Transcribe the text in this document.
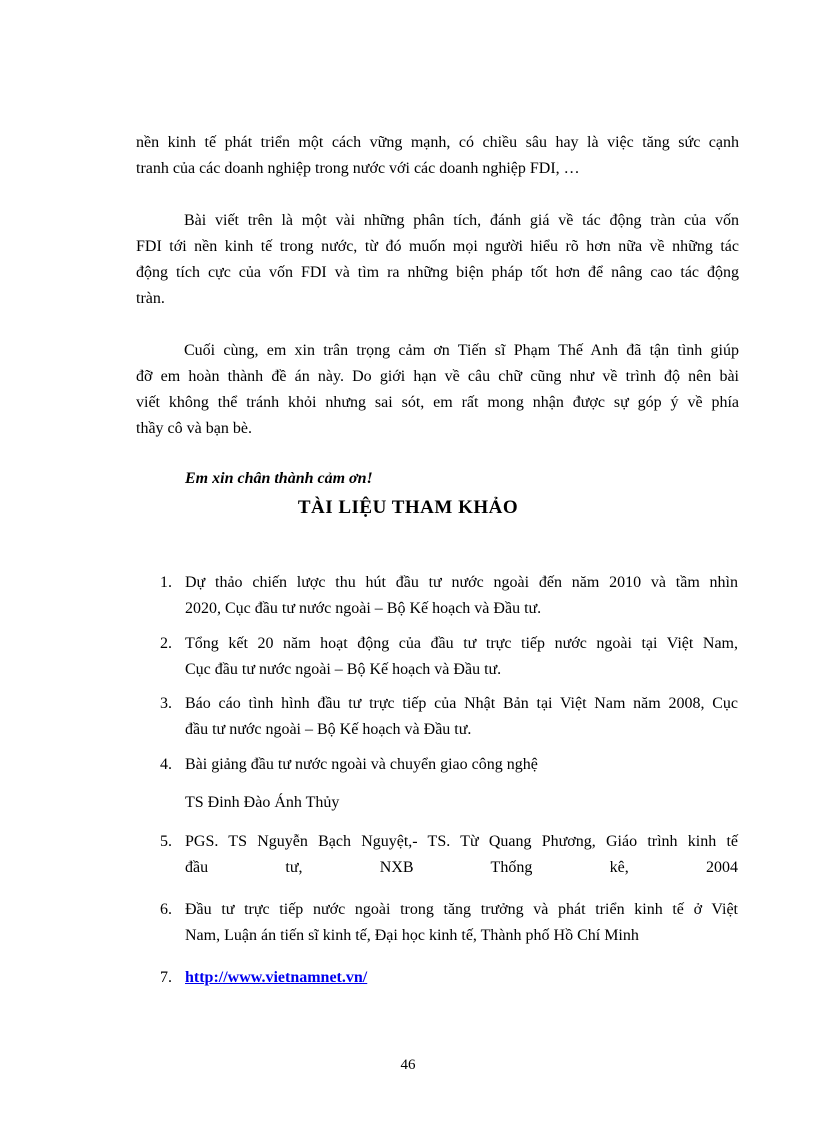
nền kinh tế phát triển một cách vững mạnh, có chiều sâu hay là việc tăng sức cạnh
tranh của các doanh nghiệp trong nước với các doanh nghiệp FDI, …
Bài viết trên là một vài những phân tích, đánh giá về tác động tràn của vốn
FDI tới nền kinh tế trong nước, từ đó muốn mọi người hiểu rõ hơn nữa về những tác
động tích cực của vốn FDI và tìm ra những biện pháp tốt hơn để nâng cao tác động
tràn.
Cuối cùng, em xin trân trọng cảm ơn Tiến sĩ Phạm Thế Anh đã tận tình giúp
đỡ em hoàn thành đề án này. Do giới hạn về câu chữ cũng như về trình độ nên bài
viết không thể tránh khỏi nhưng sai sót, em rất mong nhận được sự góp ý về phía
thầy cô và bạn bè.

Em xin chân thành cảm ơn!

TÀI LIỆU THAM KHẢO
1. Dự thảo chiến lược thu hút đầu tư nước ngoài đến năm 2010 và tầm nhìn
2020, Cục đầu tư nước ngoài – Bộ Kế hoạch và Đầu tư.
2. Tổng kết 20 năm hoạt động của đầu tư trực tiếp nước ngoài tại Việt Nam,
Cục đầu tư nước ngoài – Bộ Kế hoạch và Đầu tư.
3. Báo cáo tình hình đầu tư trực tiếp của Nhật Bản tại Việt Nam năm 2008, Cục
đầu tư nước ngoài – Bộ Kế hoạch và Đầu tư.
4. Bài giảng đầu tư nước ngoài và chuyển giao công nghệ
TS Đinh Đào Ánh Thủy
5. PGS. TS Nguyễn Bạch Nguyệt,- TS. Từ Quang Phương, Giáo trình kinh tế
đầu tư, NXB Thống kê, 2004
6. Đầu tư trực tiếp nước ngoài trong tăng trưởng và phát triển kinh tế ở Việt
Nam, Luận án tiến sĩ kinh tế, Đại học kinh tế, Thành phố Hồ Chí Minh
7. http://www.vietnamnet.vn/
46
